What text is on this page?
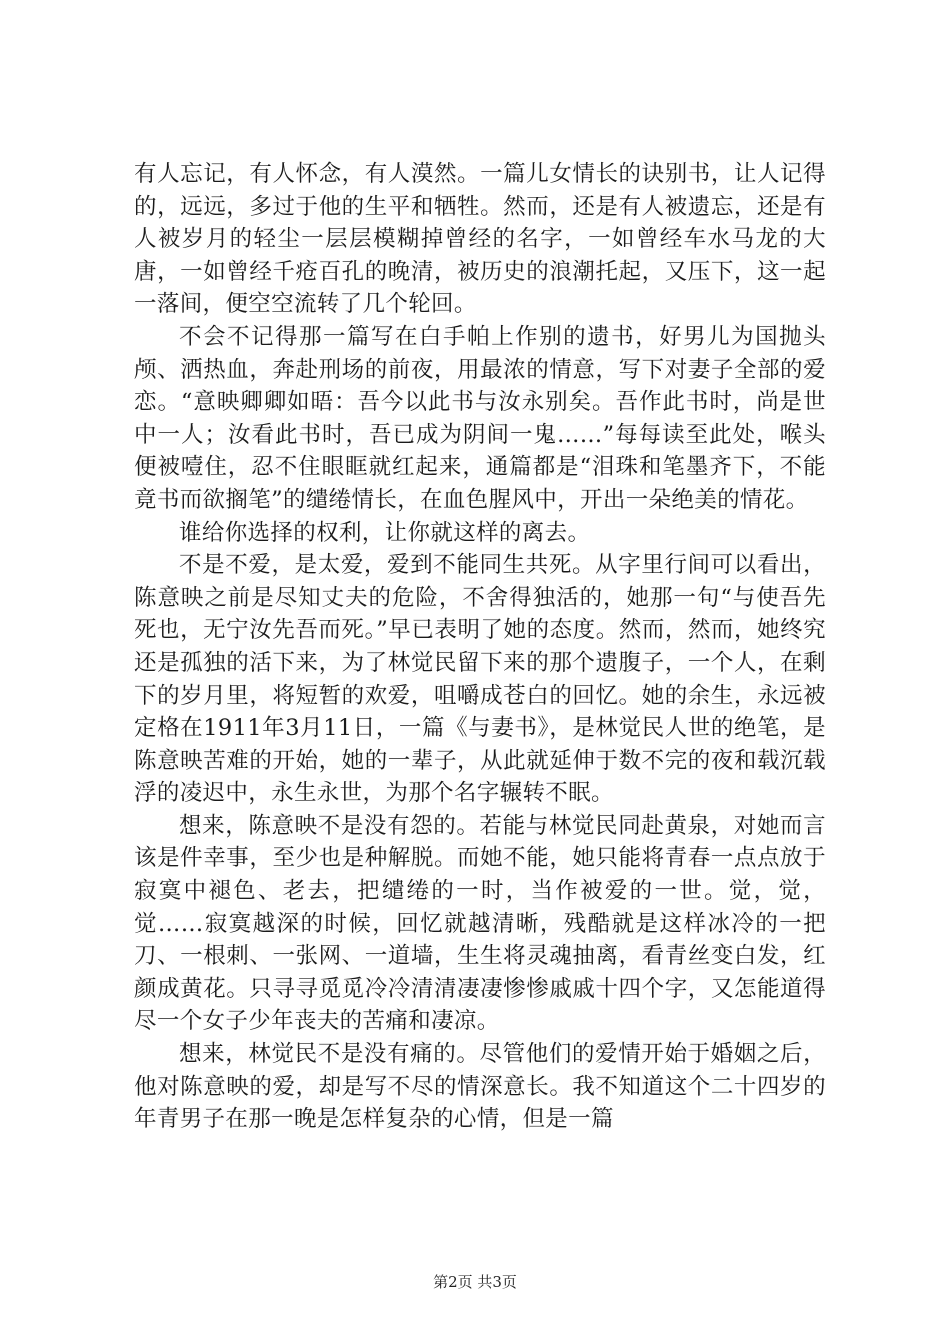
有人忘记，有人怀念，有人漠然。一篇儿女情长的诀别书，让人记得的，远远，多过于他的生平和牺牲。然而，还是有人被遗忘，还是有人被岁月的轻尘一层层模糊掉曾经的名字，一如曾经车水马龙的大唐，一如曾经千疮百孔的晚清，被历史的浪潮托起，又压下，这一起一落间，便空空流转了几个轮回。

不会不记得那一篇写在白手帕上作别的遗书，好男儿为国抛头颅、洒热血，奔赴刑场的前夜，用最浓的情意，写下对妻子全部的爱恋。“意映卿卿如晤：吾今以此书与汝永别矣。吾作此书时，尚是世中一人；汝看此书时，吾已成为阴间一鬼……”每每读至此处，喉头便被噎住，忍不住眼眶就红起来，通篇都是“泪珠和笔墨齐下，不能竟书而欲搁笔”的缱绻情长，在血色腥风中，开出一朵绝美的情花。

谁给你选择的权利，让你就这样的离去。

不是不爱，是太爱，爱到不能同生共死。从字里行间可以看出，陈意映之前是尽知丈夫的危险，不舍得独活的，她那一句“与使吾先死也，无宁汝先吾而死。”早已表明了她的态度。然而，然而，她终究还是孤独的活下来，为了林觉民留下来的那个遗腹子，一个人，在剩下的岁月里，将短暂的欢爱，咀嚼成苍白的回忆。她的余生，永远被定格在1911年3月11日，一篇《与妻书》，是林觉民人世的绝笔，是陈意映苦难的开始，她的一辈子，从此就延伸于数不完的夜和载沉载浮的凌迟中，永生永世，为那个名字辗转不眠。

想来，陈意映不是没有怨的。若能与林觉民同赴黄泉，对她而言该是件幸事，至少也是种解脱。而她不能，她只能将青春一点点放于寂寞中褪色、老去，把缱绻的一时，当作被爱的一世。觉，觉，觉……寂寞越深的时候，回忆就越清晰，残酷就是这样冰冷的一把刀、一根刺、一张网、一道墙，生生将灵魂抽离，看青丝变白发，红颜成黄花。只寻寻觅觅冷冷清清凄凄惨惨戚戚十四个字，又怎能道得尽一个女子少年丧夫的苦痛和凄凉。

想来，林觉民不是没有痛的。尽管他们的爱情开始于婚姻之后，他对陈意映的爱，却是写不尽的情深意长。我不知道这个二十四岁的年青男子在那一晚是怎样复杂的心情，但是一篇

第2页 共3页
